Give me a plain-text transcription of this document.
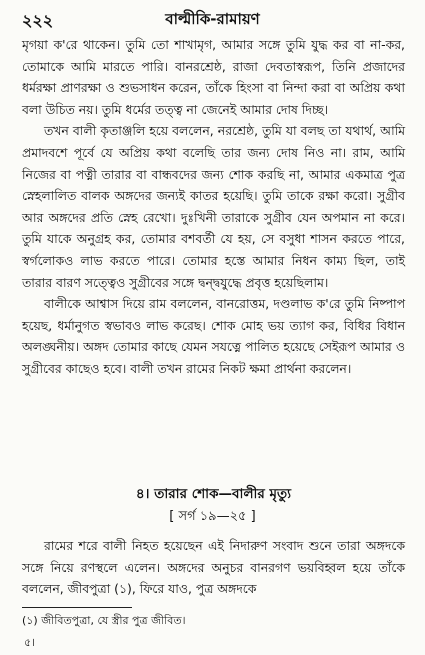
২২২	বাল্মীকি-রামায়ণ

মৃগয়া ক'রে থাকেন। তুমি তো শাখামৃগ, আমার সঙ্গে তুমি যুদ্ধ কর বা না-কর, তোমাকে আমি মারতে পারি। বানরশ্রেষ্ঠ, রাজা দেবতাস্বরূপ, তিনি প্রজাদের ধর্মরক্ষা প্রাণরক্ষা ও শুভসাধন করেন, তাঁকে হিংসা বা নিন্দা করা বা অপ্রিয় কথা বলা উচিত নয়। তুমি ধর্মের তত্ত্ব না জেনেই আমার দোষ দিচ্ছ।

তখন বালী কৃতাঞ্জলি হয়ে বললেন, নরশ্রেষ্ঠ, তুমি যা বলছ তা যথার্থ, আমি প্রমাদবশে পূর্বে যে অপ্রিয় কথা বলেছি তার জন্য দোষ নিও না। রাম, আমি নিজের বা পত্নী তারার বা বান্ধবদের জন্য শোক করছি না, আমার একমাত্র পুত্র স্নেহলালিত বালক অঙ্গদের জন্যই কাতর হয়েছি। তুমি তাকে রক্ষা করো। সুগ্রীব আর অঙ্গদের প্রতি স্নেহ রেখো। দুঃখিনী তারাকে সুগ্রীব যেন অপমান না করে। তুমি যাকে অনুগ্রহ কর, তোমার বশবর্তী যে হয়, সে বসুধা শাসন করতে পারে, স্বর্গলোকও লাভ করতে পারে। তোমার হস্তে আমার নিধন কাম্য ছিল, তাই তারার বারণ সত্ত্বেও সুগ্রীবের সঙ্গে দ্বন্দ্বযুদ্ধে প্রবৃত্ত হয়েছিলাম।

বালীকে আশ্বাস দিয়ে রাম বললেন, বানরোত্তম, দণ্ডলাভ ক'রে তুমি নিষ্পাপ হয়েছ, ধর্মানুগত স্বভাবও লাভ করেছ। শোক মোহ ভয় ত্যাগ কর, বিধির বিধান অলঙ্ঘনীয়। অঙ্গদ তোমার কাছে যেমন সযত্নে পালিত হয়েছে সেইরূপ আমার ও সুগ্রীবের কাছেও হবে। বালী তখন রামের নিকট ক্ষমা প্রার্থনা করলেন।

৪। তারার শোক—বালীর মৃত্যু
[ সর্গ ১৯—২৫ ]

রামের শরে বালী নিহত হয়েছেন এই নিদারুণ সংবাদ শুনে তারা অঙ্গদকে সঙ্গে নিয়ে রণস্থলে এলেন। অঙ্গদের অনুচর বানরগণ ভয়বিহ্বল হয়ে তাঁকে বললেন, জীবপুত্রা (১), ফিরে যাও, পুত্র অঙ্গদকে

(১) জীবিতপুত্রা, যে স্ত্রীর পুত্র জীবিত।
৫।
